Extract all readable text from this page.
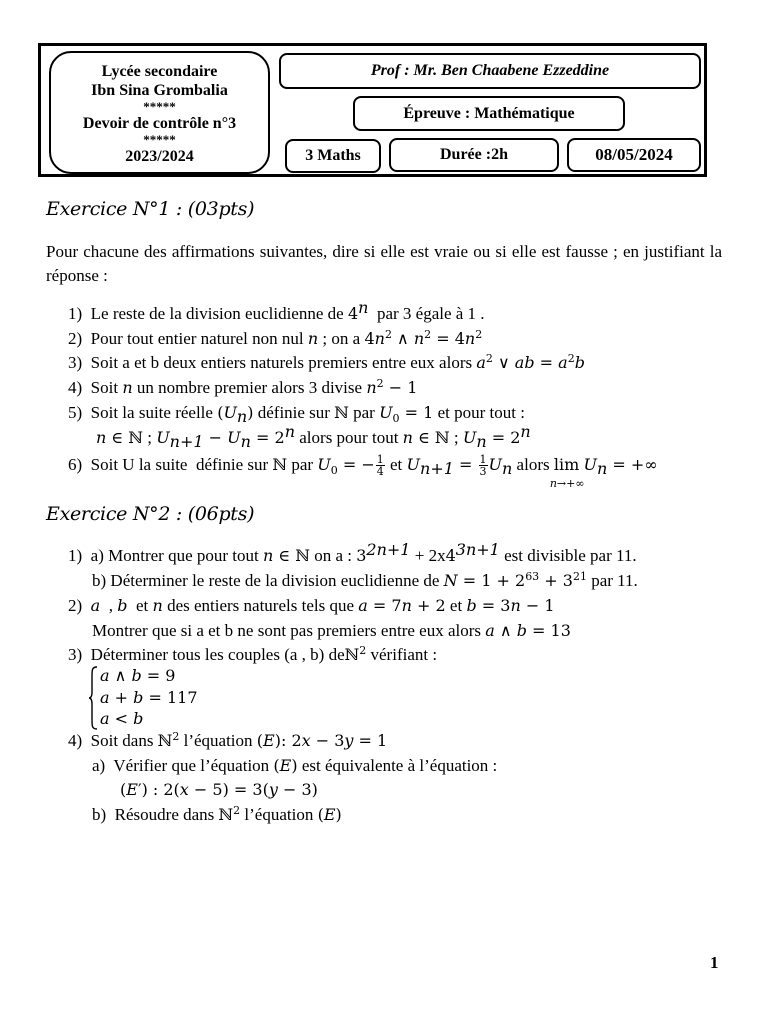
Lycée secondaire
Ibn Sina Grombalia
*****
Devoir de contrôle n°3
*****
2023/2024
Prof : Mr. Ben Chaabene Ezzeddine
Épreuve : Mathématique
3 Maths	Durée :2h	08/05/2024
Exercice N°1 : (03pts)
Pour chacune des affirmations suivantes, dire si elle est vraie ou si elle est fausse ; en justifiant la réponse :
1)  Le reste de la division euclidienne de 4$^n$  par 3 égale à 1 .
2)  Pour tout entier naturel non nul n ; on a $4n^2$ ∧ $n^2 = 4n^2$
3)  Soit a et b deux entiers naturels premiers entre eux alors $a^2$ ∨ ab = $a^2b$
4)  Soit n un nombre premier alors 3 divise $n^2 - 1$
5)  Soit la suite réelle $(U_n)$ définie sur ℕ par $U_0 = 1$ et pour tout :
n ∈ ℕ ; $U_{n+1} - U_n = 2^n$ alors pour tout n ∈ ℕ ; $U_n = 2^n$
6)  Soit U la suite  définie sur ℕ par $U_0$ = − $\frac{1}{4}$ et $U_{n+1} = \frac{1}{3} U_n$ alors lim
n→+∞
$U_n$ = +∞
Exercice N°2 : (06pts)
1)  a) Montrer que pour tout n ∈ ℕ on a : $3^{2n+1} + 2x4^{3n+1}$ est divisible par 11.
b) Déterminer le reste de la division euclidienne de $N = 1 + 2^{63} + 3^{21}$ par 11.
2)  a  , b  et n des entiers naturels tels que a = 7n + 2 et b = 3n − 1
Montrer que si a et b ne sont pas premiers entre eux alors a ∧ b = 13
3)  Déterminer tous les couples (a , b) deℕ$^2$ vérifiant :
a ∧ b = 9
a + b = 117
a < b
4)  Soit dans ℕ$^2$ l’équation (E): 2x − 3y = 1
a)  Vérifier que l’équation (E) est équivalente à l’équation :
(E′) : 2(x − 5) = 3(y − 3)
b)  Résoudre dans ℕ$^2$ l’équation (E)
1
